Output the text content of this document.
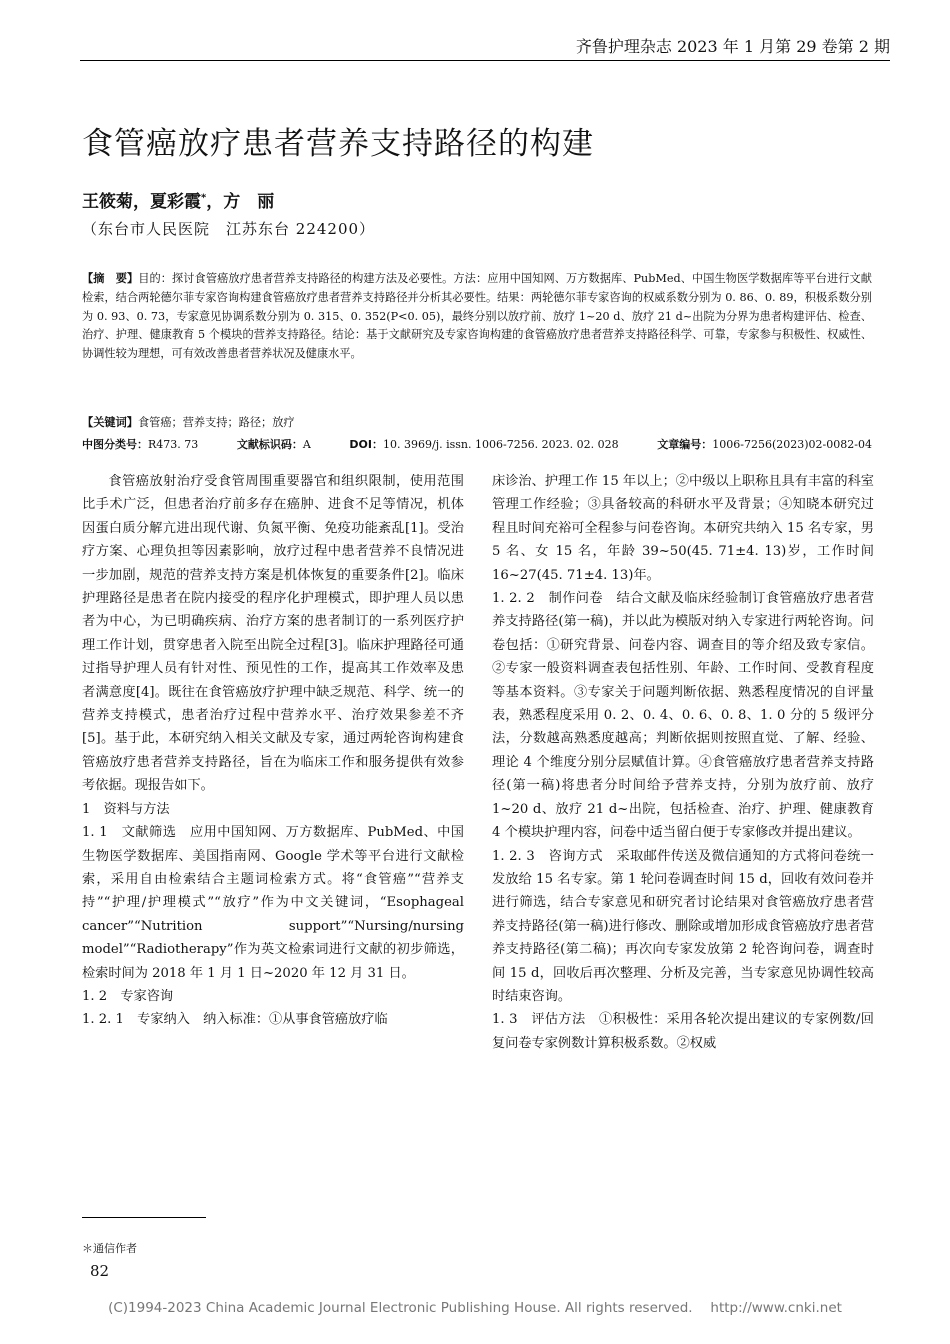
齐鲁护理杂志 2023 年 1 月第 29 卷第 2 期
食管癌放疗患者营养支持路径的构建
王筱菊，夏彩霞*，方　丽
（东台市人民医院　江苏东台 224200）
【摘　要】目的：探讨食管癌放疗患者营养支持路径的构建方法及必要性。方法：应用中国知网、万方数据库、PubMed、中国生物医学数据库等平台进行文献检索，结合两轮德尔菲专家咨询构建食管癌放疗患者营养支持路径并分析其必要性。结果：两轮德尔菲专家咨询的权威系数分别为 0. 86、0. 89，积极系数分别为 0. 93、0. 73，专家意见协调系数分别为 0. 315、0. 352(P<0. 05)，最终分别以放疗前、放疗 1~20 d、放疗 21 d~出院为分界为患者构建评估、检查、治疗、护理、健康教育 5 个模块的营养支持路径。结论：基于文献研究及专家咨询构建的食管癌放疗患者营养支持路径科学、可靠，专家参与积极性、权威性、协调性较为理想，可有效改善患者营养状况及健康水平。
【关键词】食管癌；营养支持；路径；放疗
中图分类号：R473. 73	文献标识码：A	DOI：10. 3969/j. issn. 1006-7256. 2023. 02. 028	文章编号：1006-7256(2023)02-0082-04

食管癌放射治疗受食管周围重要器官和组织限制，使用范围比手术广泛，但患者治疗前多存在癌肿、进食不足等情况，机体因蛋白质分解亢进出现代谢、负氮平衡、免疫功能紊乱[1]。受治疗方案、心理负担等因素影响，放疗过程中患者营养不良情况进一步加剧，规范的营养支持方案是机体恢复的重要条件[2]。临床护理路径是患者在院内接受的程序化护理模式，即护理人员以患者为中心，为已明确疾病、治疗方案的患者制订的一系列医疗护理工作计划，贯穿患者入院至出院全过程[3]。临床护理路径可通过指导护理人员有针对性、预见性的工作，提高其工作效率及患者满意度[4]。既往在食管癌放疗护理中缺乏规范、科学、统一的营养支持模式，患者治疗过程中营养水平、治疗效果参差不齐[5]。基于此，本研究纳入相关文献及专家，通过两轮咨询构建食管癌放疗患者营养支持路径，旨在为临床工作和服务提供有效参考依据。现报告如下。

1　资料与方法

1. 1　文献筛选　应用中国知网、万方数据库、PubMed、中国生物医学数据库、美国指南网、Google 学术等平台进行文献检索，采用自由检索结合主题词检索方式。将“食管癌”“营养支持”“护理/护理模式”“放疗”作为中文关键词，“Esophageal cancer”“Nutrition support”“Nursing/nursing model”“Radiotherapy”作为英文检索词进行文献的初步筛选，检索时间为 2018 年 1 月 1 日~2020 年 12 月 31 日。

1. 2　专家咨询

1. 2. 1　专家纳入　纳入标准：①从事食管癌放疗临

床诊治、护理工作 15 年以上；②中级以上职称且具有丰富的科室管理工作经验；③具备较高的科研水平及背景；④知晓本研究过程且时间充裕可全程参与问卷咨询。本研究共纳入 15 名专家，男 5 名、女 15 名，年龄 39~50(45. 71±4. 13)岁，工作时间 16~27(45. 71±4. 13)年。

1. 2. 2　制作问卷　结合文献及临床经验制订食管癌放疗患者营养支持路径(第一稿)，并以此为模版对纳入专家进行两轮咨询。问卷包括：①研究背景、问卷内容、调查目的等介绍及致专家信。②专家一般资料调查表包括性别、年龄、工作时间、受教育程度等基本资料。③专家关于问题判断依据、熟悉程度情况的自评量表，熟悉程度采用 0. 2、0. 4、0. 6、0. 8、1. 0 分的 5 级评分法，分数越高熟悉度越高；判断依据则按照直觉、了解、经验、理论 4 个维度分别分层赋值计算。④食管癌放疗患者营养支持路径(第一稿)将患者分时间给予营养支持，分别为放疗前、放疗 1~20 d、放疗 21 d~出院，包括检查、治疗、护理、健康教育 4 个模块护理内容，问卷中适当留白便于专家修改并提出建议。

1. 2. 3　咨询方式　采取邮件传送及微信通知的方式将问卷统一发放给 15 名专家。第 1 轮问卷调查时间 15 d，回收有效问卷并进行筛选，结合专家意见和研究者讨论结果对食管癌放疗患者营养支持路径(第一稿)进行修改、删除或增加形成食管癌放疗患者营养支持路径(第二稿)；再次向专家发放第 2 轮咨询问卷，调查时间 15 d，回收后再次整理、分析及完善，当专家意见协调性较高时结束咨询。

1. 3　评估方法　①积极性：采用各轮次提出建议的专家例数/回复问卷专家例数计算积极系数。②权威

＊通信作者
82
(C)1994-2023 China Academic Journal Electronic Publishing House. All rights reserved.　 http://www.cnki.net
